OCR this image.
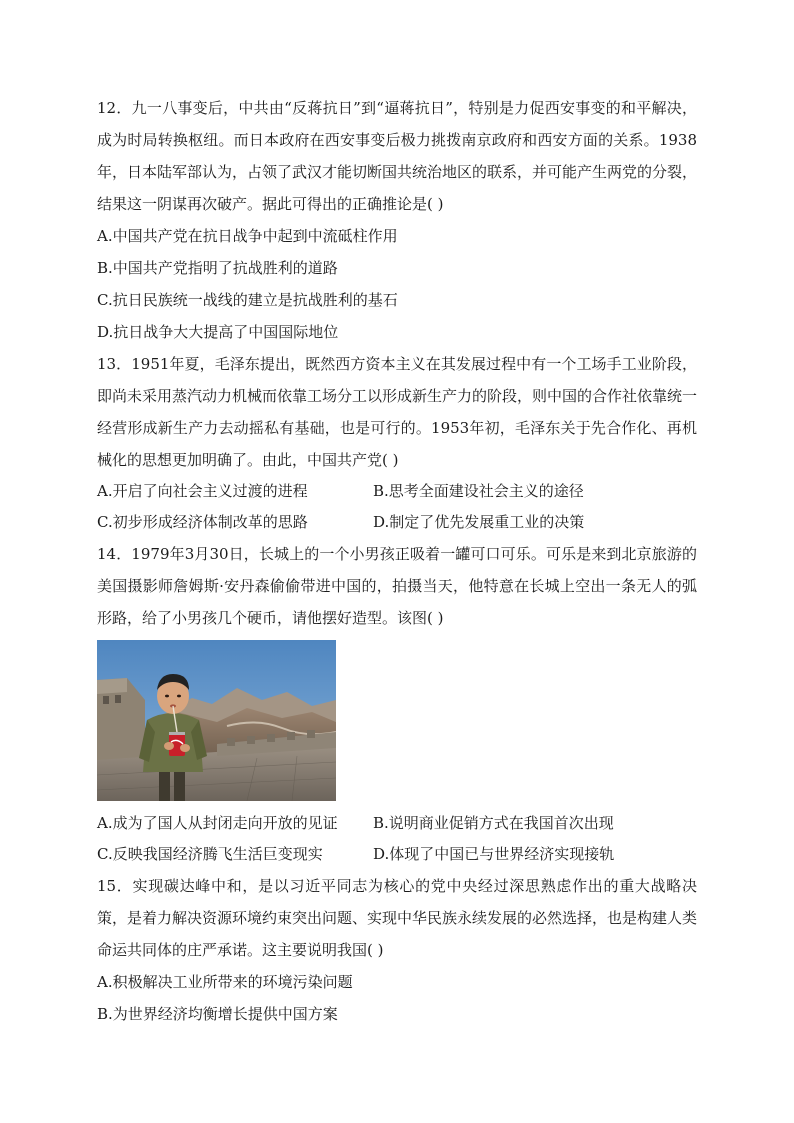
12．九一八事变后，中共由“反蒋抗日”到“逼蒋抗日”，特别是力促西安事变的和平解决，成为时局转换枢纽。而日本政府在西安事变后极力挑拨南京政府和西安方面的关系。1938年，日本陆军部认为，占领了武汉才能切断国共统治地区的联系，并可能产生两党的分裂，结果这一阴谋再次破产。据此可得出的正确推论是( )

A.中国共产党在抗日战争中起到中流砥柱作用

B.中国共产党指明了抗战胜利的道路

C.抗日民族统一战线的建立是抗战胜利的基石

D.抗日战争大大提高了中国国际地位

13．1951年夏，毛泽东提出，既然西方资本主义在其发展过程中有一个工场手工业阶段，即尚未采用蒸汽动力机械而依靠工场分工以形成新生产力的阶段，则中国的合作社依靠统一经营形成新生产力去动摇私有基础，也是可行的。1953年初，毛泽东关于先合作化、再机械化的思想更加明确了。由此，中国共产党( )

A.开启了向社会主义过渡的进程	B.思考全面建设社会主义的途径

C.初步形成经济体制改革的思路	D.制定了优先发展重工业的决策

14．1979年3月30日，长城上的一个小男孩正吸着一罐可口可乐。可乐是来到北京旅游的美国摄影师詹姆斯·安丹森偷偷带进中国的，拍摄当天，他特意在长城上空出一条无人的弧形路，给了小男孩几个硬币，请他摆好造型。该图( )

A.成为了国人从封闭走向开放的见证	B.说明商业促销方式在我国首次出现

C.反映我国经济腾飞生活巨变现实	D.体现了中国已与世界经济实现接轨

15．实现碳达峰中和，是以习近平同志为核心的党中央经过深思熟虑作出的重大战略决策，是着力解决资源环境约束突出问题、实现中华民族永续发展的必然选择，也是构建人类命运共同体的庄严承诺。这主要说明我国( )

A.积极解决工业所带来的环境污染问题

B.为世界经济均衡增长提供中国方案
